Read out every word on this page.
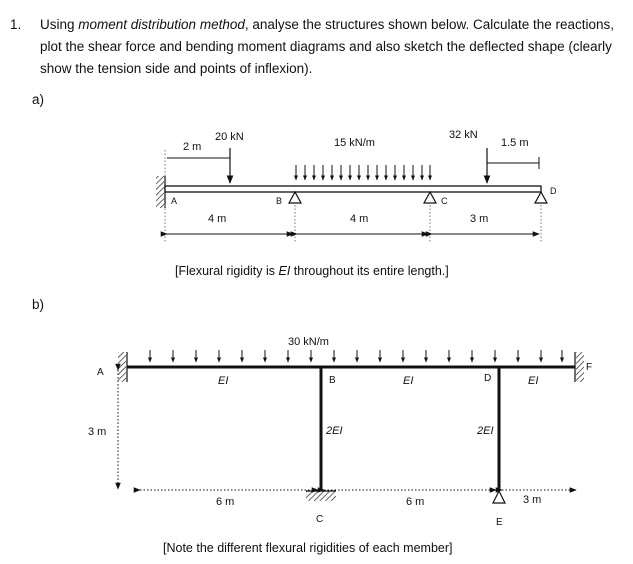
1. Using moment distribution method, analyse the structures shown below. Calculate the reactions,
plot the shear force and bending moment diagrams and also sketch the deflected shape (clearly
show the tension side and points of inflexion).
a)
b)
2 m
20 kN	15 kN/m
32 kN
1.5 m
A	B	C
D
4 m	4 m	3 m
[Flexural rigidity is EI throughout its entire length.]
30 kN/m
A
B
C
D
E
F
EI	EI	EI
2EI	2EI
3 m
6 m	6 m	3 m
[Note the different flexural rigidities of each member]
